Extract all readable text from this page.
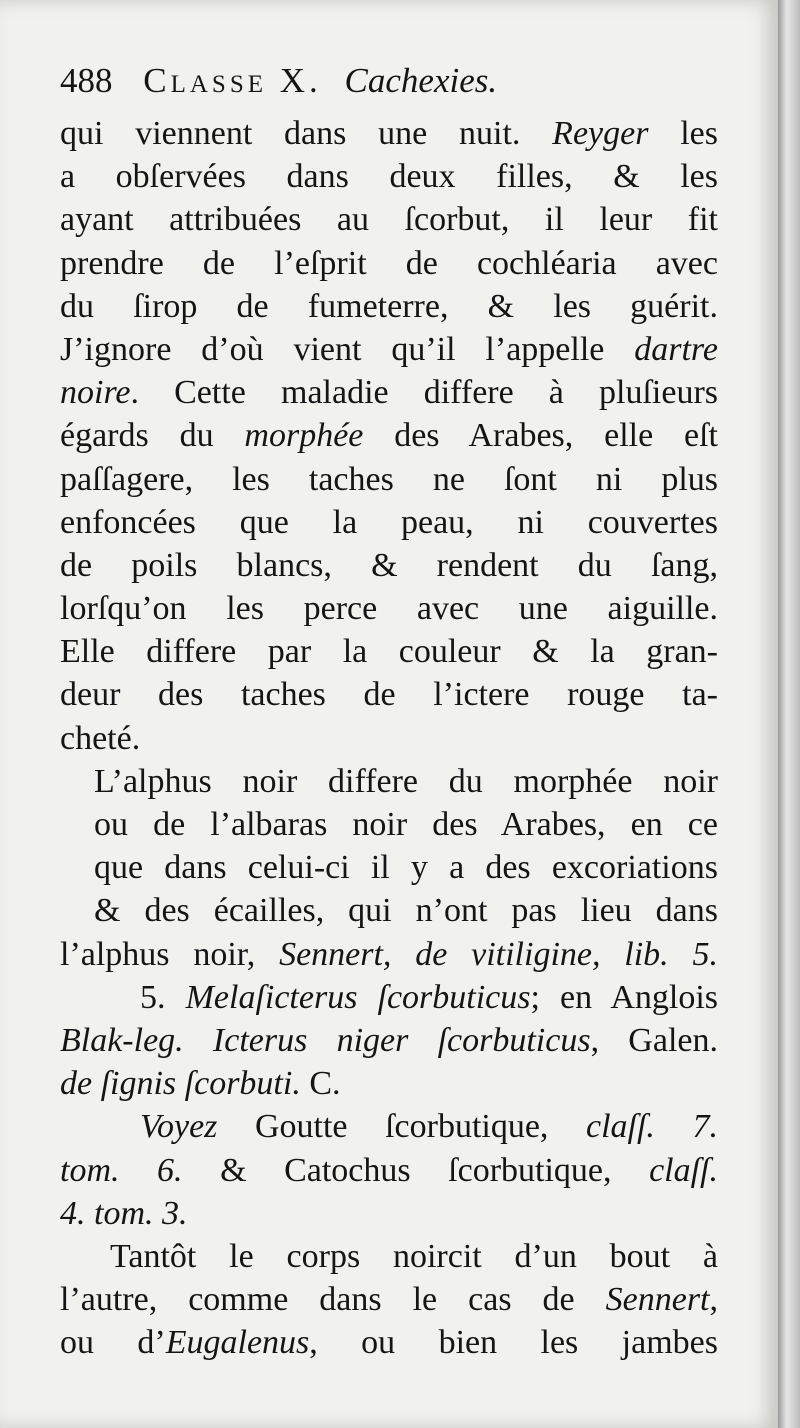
488 Classe X. Cachexies.
qui viennent dans une nuit. Reyger les
a obſervées dans deux filles, & les
ayant attribuées au ſcorbut, il leur fit
prendre de l’eſprit de cochléaria avec
du ſirop de fumeterre, & les guérit.
J’ignore d’où vient qu’il l’appelle dartre
noire. Cette maladie differe à pluſieurs
égards du morphée des Arabes, elle eſt
paſſagere, les taches ne ſont ni plus
enfoncées que la peau, ni couvertes
de poils blancs, & rendent du ſang,
lorſqu’on les perce avec une aiguille.
Elle differe par la couleur & la gran-
deur des taches de l’ictere rouge ta-
cheté.
L’alphus noir differe du morphée noir
ou de l’albaras noir des Arabes, en ce
que dans celui-ci il y a des excoriations
& des écailles, qui n’ont pas lieu dans
l’alphus noir, Sennert, de vitiligine, lib. 5.
5. Melaſicterus ſcorbuticus; en Anglois
Blak-leg. Icterus niger ſcorbuticus, Galen.
de ſignis ſcorbuti. C.
Voyez Goutte ſcorbutique, claſſ. 7.
tom. 6. & Catochus ſcorbutique, claſſ.
4. tom. 3.
Tantôt le corps noircit d’un bout à
l’autre, comme dans le cas de Sennert,
ou d’Eugalenus, ou bien les jambes
